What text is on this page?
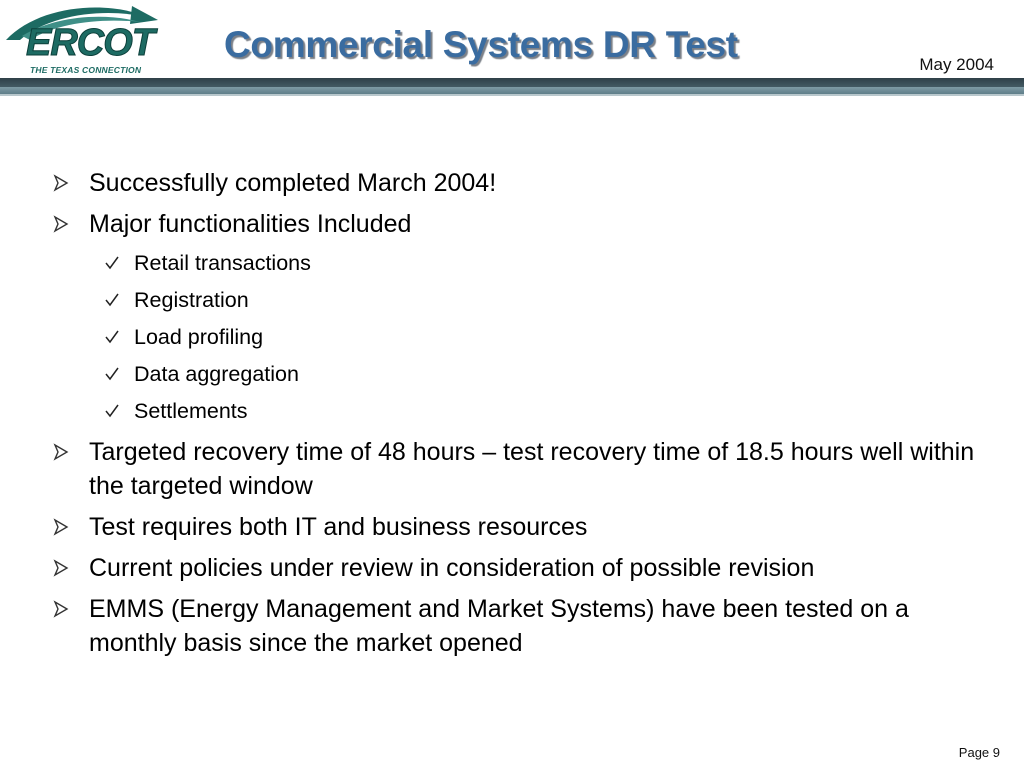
ERCOT
THE TEXAS CONNECTION
Commercial Systems DR Test	May 2004
Successfully completed March 2004!
Major functionalities Included
Retail transactions
Registration
Load profiling
Data aggregation
Settlements
Targeted recovery time of 48 hours – test recovery time of 18.5 hours well within the targeted window
Test requires both IT and business resources
Current policies under review in consideration of possible revision
EMMS (Energy Management and Market Systems) have been tested on a monthly basis since the market opened
Page 9
